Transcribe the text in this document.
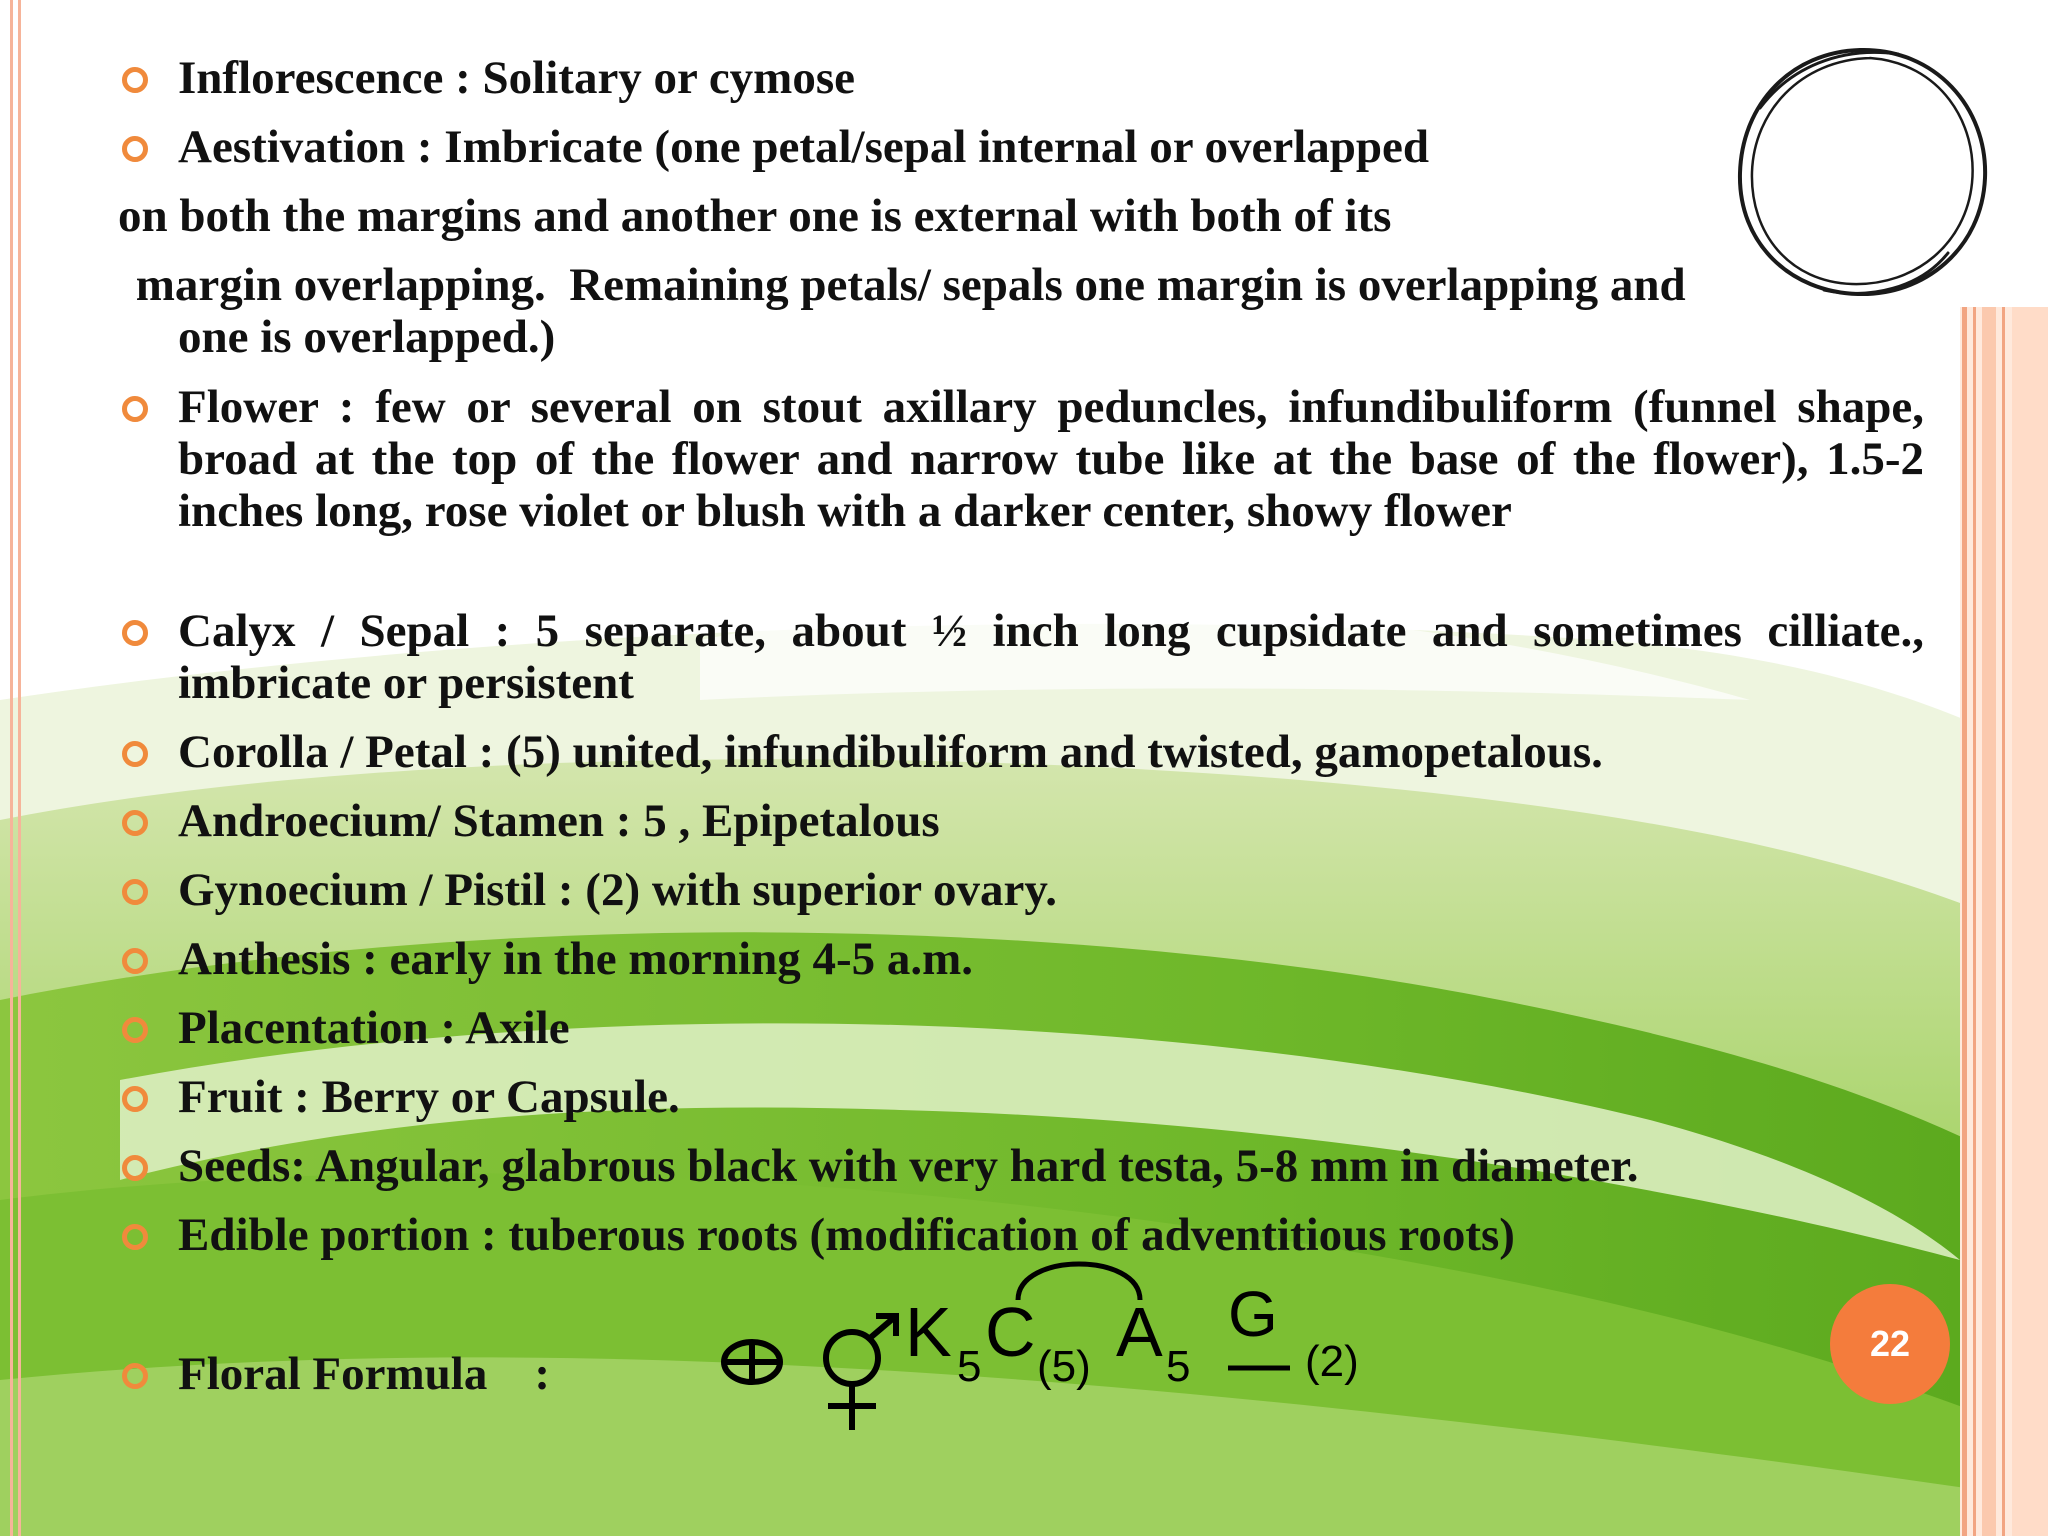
Inflorescence : Solitary or cymose
Aestivation : Imbricate (one petal/sepal internal or overlapped
on both the margins and another one is external with both of its
margin overlapping.  Remaining petals/ sepals one margin is overlapping and
one is overlapped.)
Flower : few or several on stout axillary peduncles, infundibuliform (funnel shape, broad at the top of the flower and narrow tube like at the base of the flower), 1.5-2 inches long, rose violet or blush with a darker center, showy flower
Calyx / Sepal : 5 separate, about ½ inch long cupsidate and sometimes cilliate., imbricate or persistent
Corolla / Petal : (5) united, infundibuliform and twisted, gamopetalous.
Androecium/ Stamen : 5 , Epipetalous
Gynoecium / Pistil : (2) with superior ovary.
Anthesis : early in the morning 4-5 a.m.
Placentation : Axile
Fruit : Berry or Capsule.
Seeds: Angular, glabrous black with very hard testa, 5-8 mm in diameter.
Edible portion : tuberous roots (modification of adventitious roots)
Floral Formula    :
K 5 C (5) A 5
G
(2)	22
